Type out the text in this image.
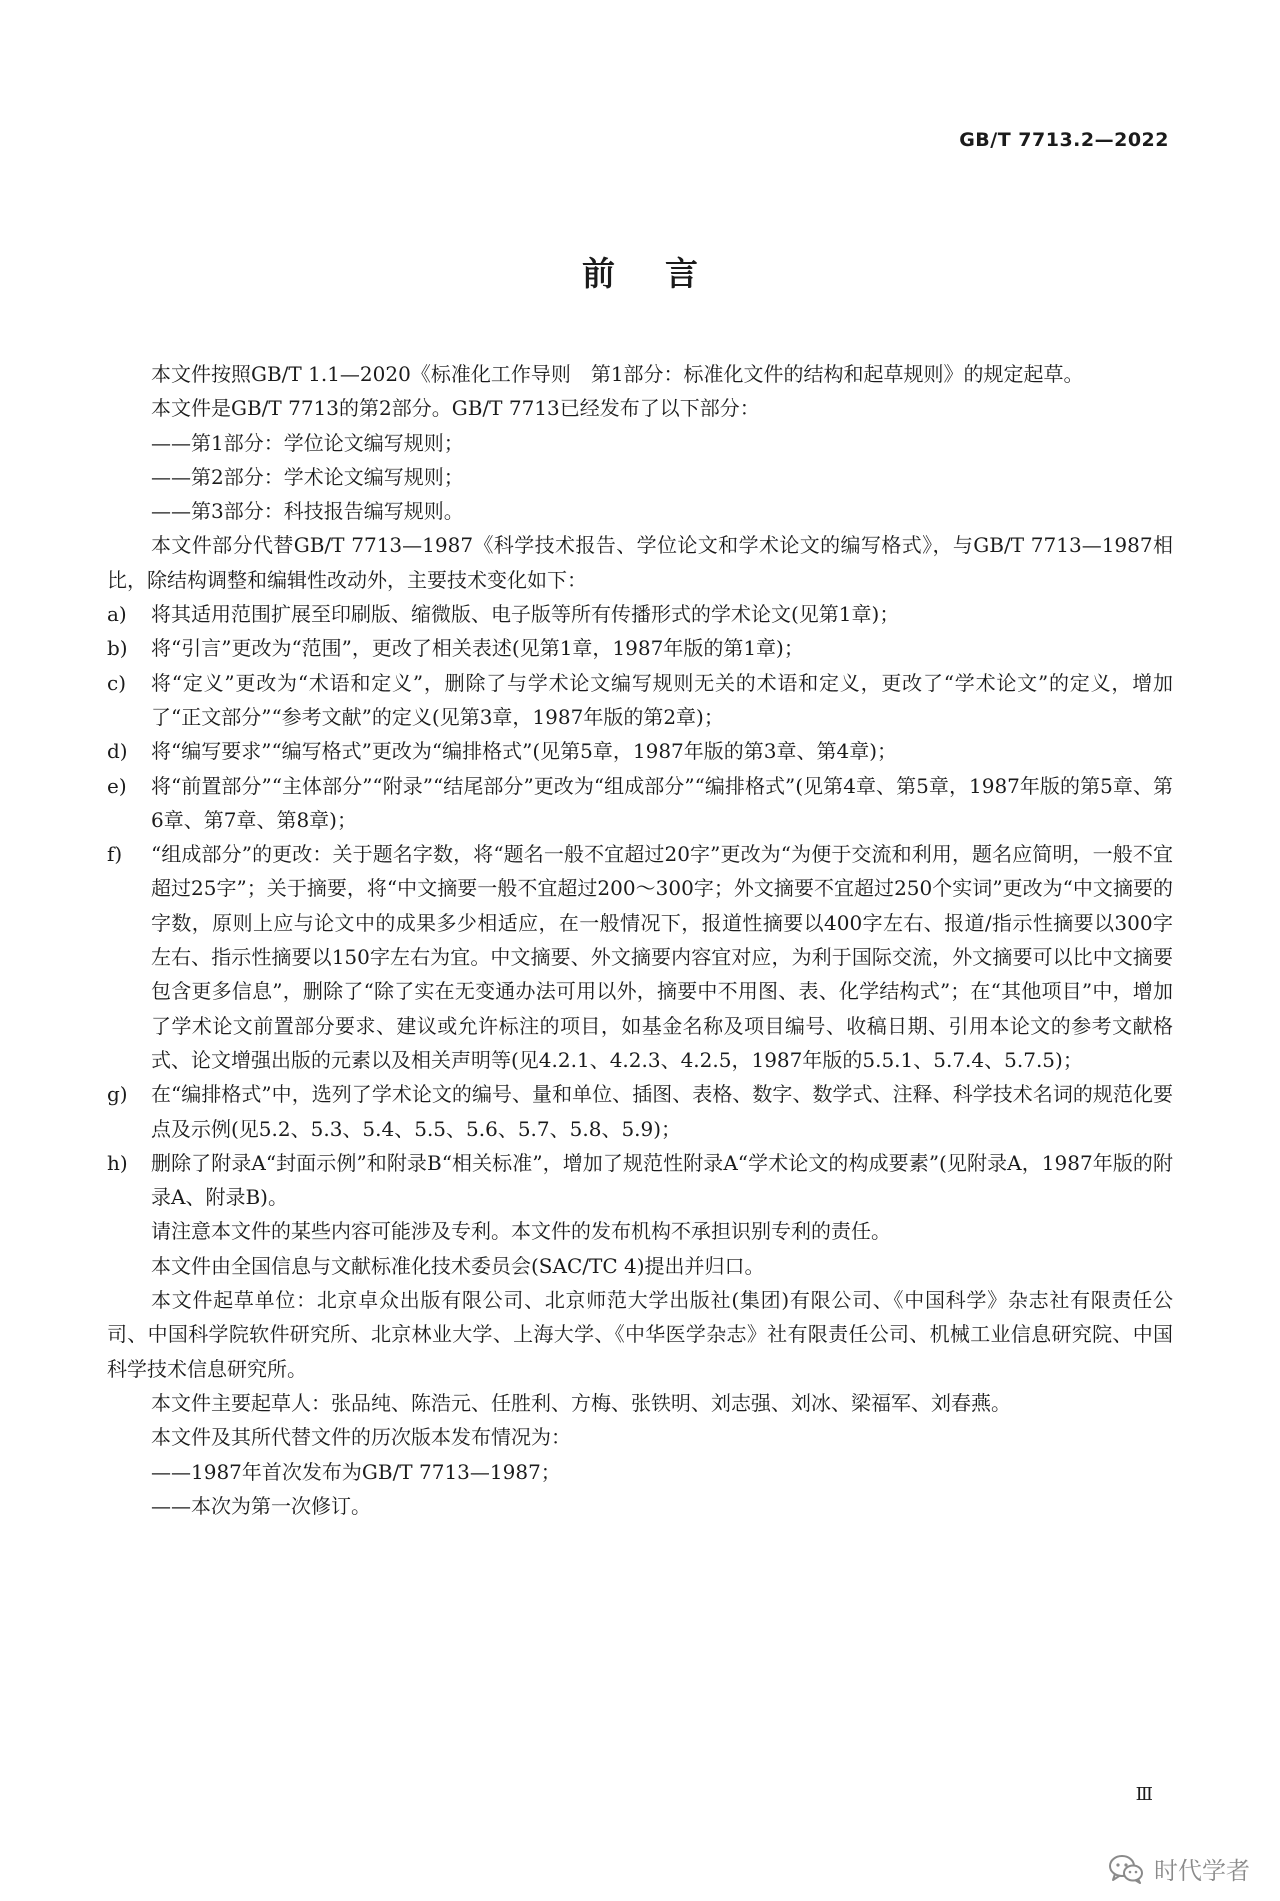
GB/T 7713.2—2022
前言

本文件按照GB/T 1.1—2020《标准化工作导则　第1部分：标准化文件的结构和起草规则》的规定起草。

本文件是GB/T 7713的第2部分。GB/T 7713已经发布了以下部分：

——第1部分：学位论文编写规则；

——第2部分：学术论文编写规则；

——第3部分：科技报告编写规则。

本文件部分代替GB/T 7713—1987《科学技术报告、学位论文和学术论文的编写格式》，与GB/T 7713—1987相比，除结构调整和编辑性改动外，主要技术变化如下：

a)	将其适用范围扩展至印刷版、缩微版、电子版等所有传播形式的学术论文(见第1章)；
b)	将“引言”更改为“范围”，更改了相关表述(见第1章，1987年版的第1章)；
c)	将“定义”更改为“术语和定义”，删除了与学术论文编写规则无关的术语和定义，更改了“学术论文”的定义，增加了“正文部分”“参考文献”的定义(见第3章，1987年版的第2章)；
d)	将“编写要求”“编写格式”更改为“编排格式”(见第5章，1987年版的第3章、第4章)；
e)	将“前置部分”“主体部分”“附录”“结尾部分”更改为“组成部分”“编排格式”(见第4章、第5章，1987年版的第5章、第6章、第7章、第8章)；
f)	“组成部分”的更改：关于题名字数，将“题名一般不宜超过20字”更改为“为便于交流和利用，题名应简明，一般不宜超过25字”；关于摘要，将“中文摘要一般不宜超过200～300字；外文摘要不宜超过250个实词”更改为“中文摘要的字数，原则上应与论文中的成果多少相适应，在一般情况下，报道性摘要以400字左右、报道/指示性摘要以300字左右、指示性摘要以150字左右为宜。中文摘要、外文摘要内容宜对应，为利于国际交流，外文摘要可以比中文摘要包含更多信息”，删除了“除了实在无变通办法可用以外，摘要中不用图、表、化学结构式”；在“其他项目”中，增加了学术论文前置部分要求、建议或允许标注的项目，如基金名称及项目编号、收稿日期、引用本论文的参考文献格式、论文增强出版的元素以及相关声明等(见4.2.1、4.2.3、4.2.5，1987年版的5.5.1、5.7.4、5.7.5)；
g)	在“编排格式”中，选列了学术论文的编号、量和单位、插图、表格、数字、数学式、注释、科学技术名词的规范化要点及示例(见5.2、5.3、5.4、5.5、5.6、5.7、5.8、5.9)；
h)	删除了附录A“封面示例”和附录B“相关标准”，增加了规范性附录A“学术论文的构成要素”(见附录A，1987年版的附录A、附录B)。

请注意本文件的某些内容可能涉及专利。本文件的发布机构不承担识别专利的责任。

本文件由全国信息与文献标准化技术委员会(SAC/TC 4)提出并归口。

本文件起草单位：北京卓众出版有限公司、北京师范大学出版社(集团)有限公司、《中国科学》杂志社有限责任公司、中国科学院软件研究所、北京林业大学、上海大学、《中华医学杂志》社有限责任公司、机械工业信息研究院、中国科学技术信息研究所。

本文件主要起草人：张品纯、陈浩元、任胜利、方梅、张铁明、刘志强、刘冰、梁福军、刘春燕。

本文件及其所代替文件的历次版本发布情况为：

——1987年首次发布为GB/T 7713—1987；

——本次为第一次修订。

Ⅲ
时代学者
